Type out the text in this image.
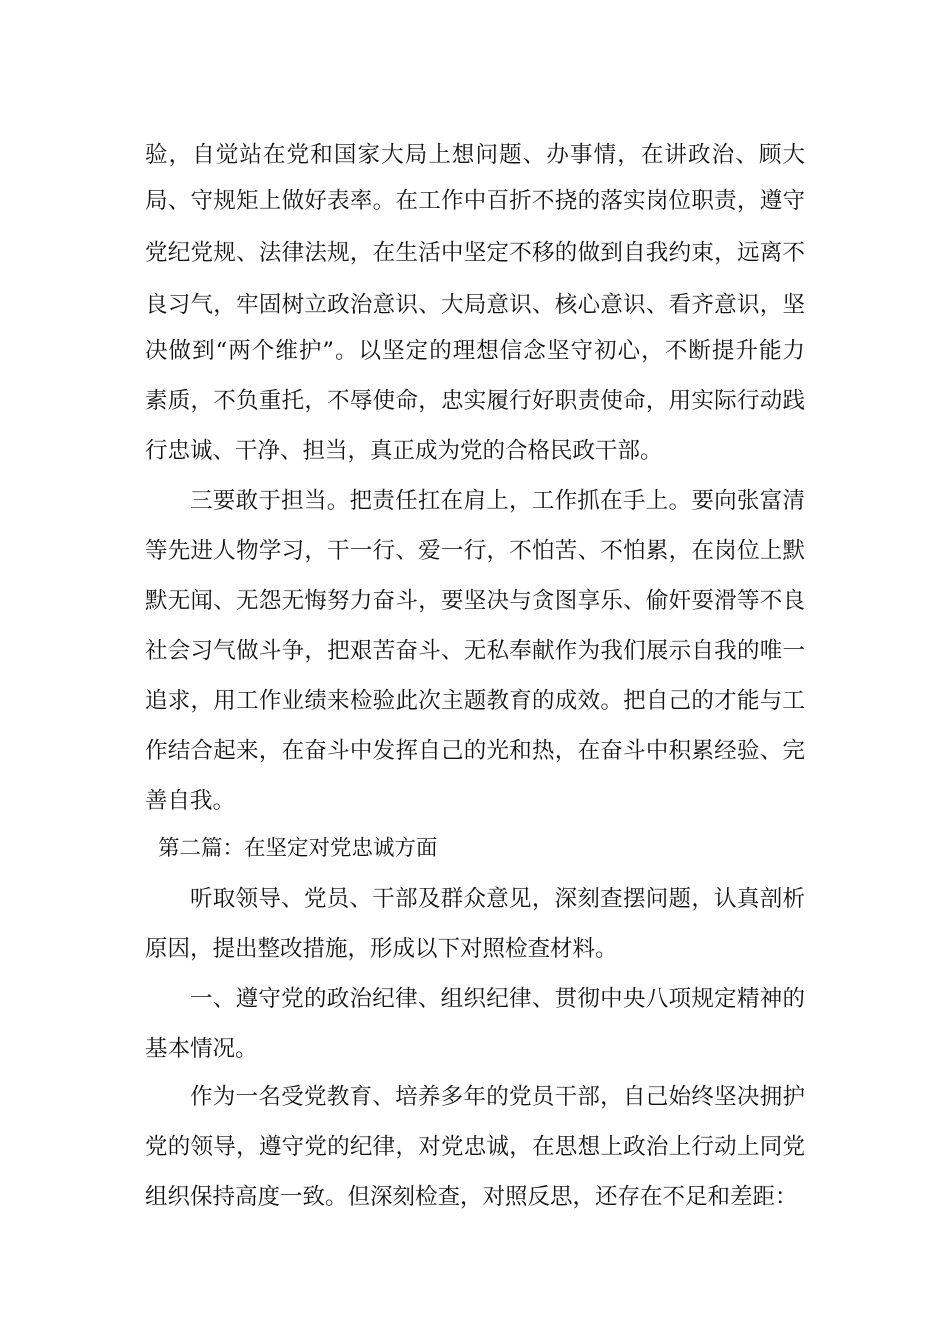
验，自觉站在党和国家大局上想问题、办事情，在讲政治、顾大
局、守规矩上做好表率。在工作中百折不挠的落实岗位职责，遵守
党纪党规、法律法规，在生活中坚定不移的做到自我约束，远离不
良习气，牢固树立政治意识、大局意识、核心意识、看齐意识，坚
决做到“两个维护”。以坚定的理想信念坚守初心，不断提升能力
素质，不负重托，不辱使命，忠实履行好职责使命，用实际行动践
行忠诚、干净、担当，真正成为党的合格民政干部。
三要敢于担当。把责任扛在肩上，工作抓在手上。要向张富清
等先进人物学习，干一行、爱一行，不怕苦、不怕累，在岗位上默
默无闻、无怨无悔努力奋斗，要坚决与贪图享乐、偷奸耍滑等不良
社会习气做斗争，把艰苦奋斗、无私奉献作为我们展示自我的唯一
追求，用工作业绩来检验此次主题教育的成效。把自己的才能与工
作结合起来，在奋斗中发挥自己的光和热，在奋斗中积累经验、完
善自我。
第二篇：在坚定对党忠诚方面
听取领导、党员、干部及群众意见，深刻查摆问题，认真剖析
原因，提出整改措施，形成以下对照检查材料。
一、遵守党的政治纪律、组织纪律、贯彻中央八项规定精神的
基本情况。
作为一名受党教育、培养多年的党员干部，自己始终坚决拥护
党的领导，遵守党的纪律，对党忠诚，在思想上政治上行动上同党
组织保持高度一致。但深刻检查，对照反思，还存在不足和差距：
